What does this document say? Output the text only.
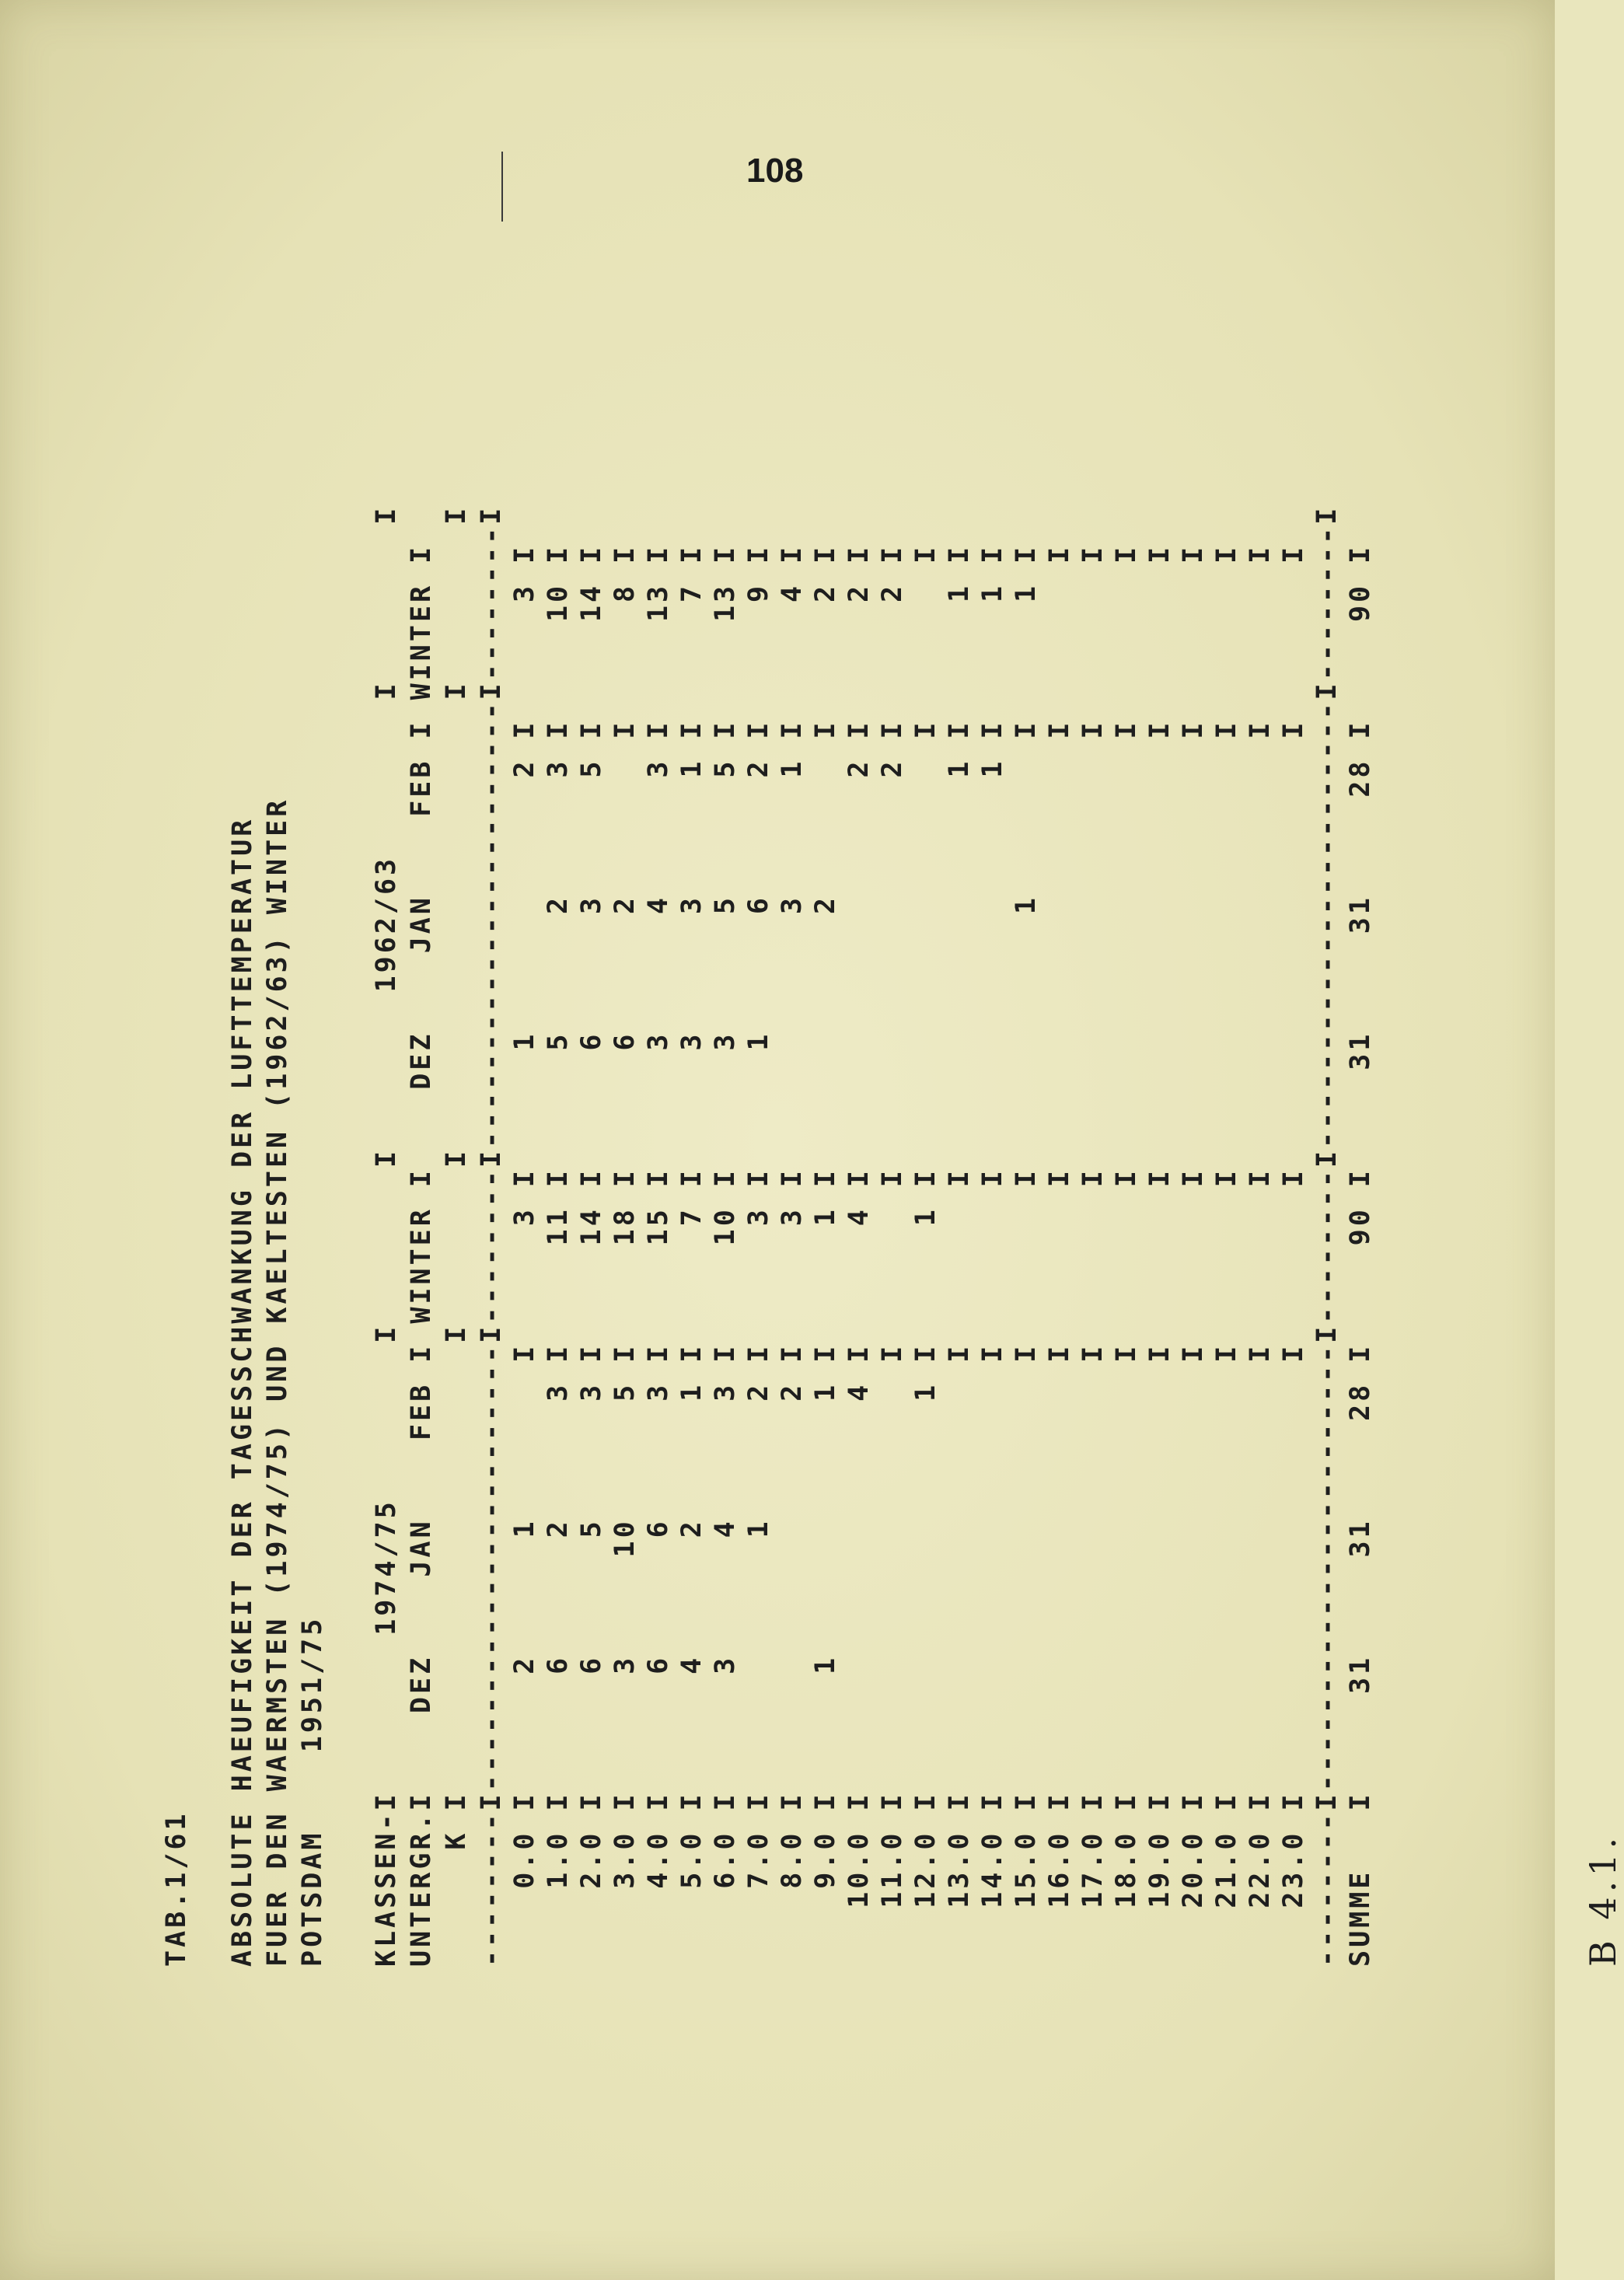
108
TAB.1/61	B 4.1.
ABSOLUTE HAEUFIGKEIT DER TAGESSCHWANKUNG DER LUFTTEMPERATUR FUER DEN WAERMSTEN (1974/75) UND KAELTESTEN (1962/63) WINTER POTSDAM    1951/75 KLASSEN-I        1974/75        I        I        1962/63        I        I UNTERGR.I    DEZ    JAN    FEB I WINTER I    DEZ    JAN    FEB I WINTER I K I                       I        I                       I        I --------I-----------------------I--------I-----------------------I--------I 0.0 I      2      1        I      3 I      1             2 I      3 I 1.0 I      6      2      3 I     11 I      5      2      3 I     10 I 2.0 I      6      5      3 I     14 I      6      3      5 I     14 I 3.0 I      3     10      5 I     18 I      6      2        I      8 I 4.0 I      6      6      3 I     15 I      3      4      3 I     13 I 5.0 I      4      2      1 I      7 I      3      3      1 I      7 I 6.0 I      3      4      3 I     10 I      3      5      5 I     13 I 7.0 I             1      2 I      3 I      1      6      2 I      9 I 8.0 I                    2 I      3 I             3      1 I      4 I 9.0 I      1             1 I      1 I             2        I      2 I 10.0 I                    4 I      4 I                    2 I      2 I 11.0 I                      I        I                    2 I      2 I 12.0 I                    1 I      1 I                      I        I 13.0 I                      I        I                    1 I      1 I 14.0 I                      I        I                    1 I      1 I 15.0 I                      I        I             1        I      1 I 16.0 I                      I        I                      I        I 17.0 I                      I        I                      I        I 18.0 I                      I        I                      I        I 19.0 I                      I        I                      I        I 20.0 I                      I        I                      I        I 21.0 I                      I        I                      I        I 22.0 I                      I        I                      I        I 23.0 I                      I        I                      I        I --------I-----------------------I--------I-----------------------I--------I SUMME   I     31     31     28 I     90 I     31     31     28 I     90 I
